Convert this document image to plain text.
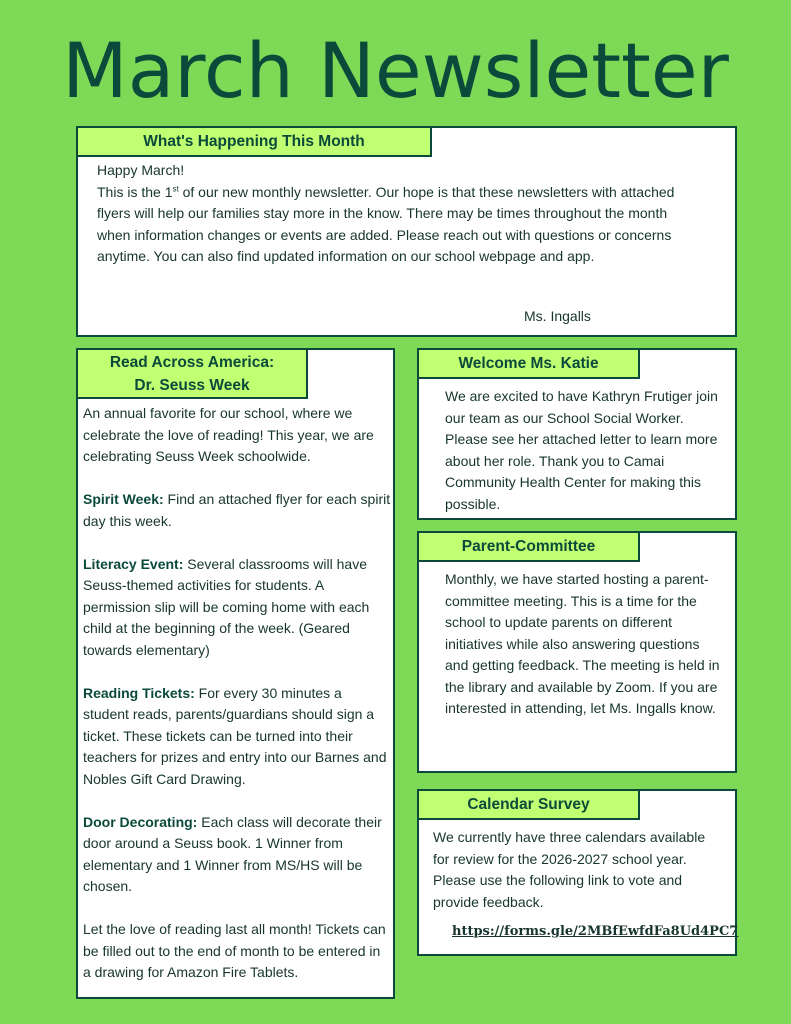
March Newsletter
What's Happening This Month

Happy March!

This is the 1st of our new monthly newsletter. Our hope is that these newsletters with attached flyers will help our families stay more in the know. There may be times throughout the month when information changes or events are added. Please reach out with questions or concerns anytime. You can also find updated information on our school webpage and app.

Ms. Ingalls
Read Across America:
Dr. Seuss Week

An annual favorite for our school, where we celebrate the love of reading! This year, we are celebrating Seuss Week schoolwide.

Spirit Week: Find an attached flyer for each spirit day this week.

Literacy Event: Several classrooms will have Seuss-themed activities for students. A permission slip will be coming home with each child at the beginning of the week. (Geared towards elementary)

Reading Tickets: For every 30 minutes a student reads, parents/guardians should sign a ticket. These tickets can be turned into their teachers for prizes and entry into our Barnes and Nobles Gift Card Drawing.

Door Decorating: Each class will decorate their door around a Seuss book. 1 Winner from elementary and 1 Winner from MS/HS will be chosen.

Let the love of reading last all month! Tickets can be filled out to the end of month to be entered in a drawing for Amazon Fire Tablets.

Welcome Ms. Katie
We are excited to have Kathryn Frutiger join our team as our School Social Worker. Please see her attached letter to learn more about her role. Thank you to Camai Community Health Center for making this possible.
Parent-Committee
Monthly, we have started hosting a parent-committee meeting. This is a time for the school to update parents on different initiatives while also answering questions and getting feedback. The meeting is held in the library and available by Zoom. If you are interested in attending, let Ms. Ingalls know.
Calendar Survey
We currently have three calendars available for review for the 2026-2027 school year. Please use the following link to vote and provide feedback.
https://forms.gle/2MBfEwfdFa8Ud4PC7
